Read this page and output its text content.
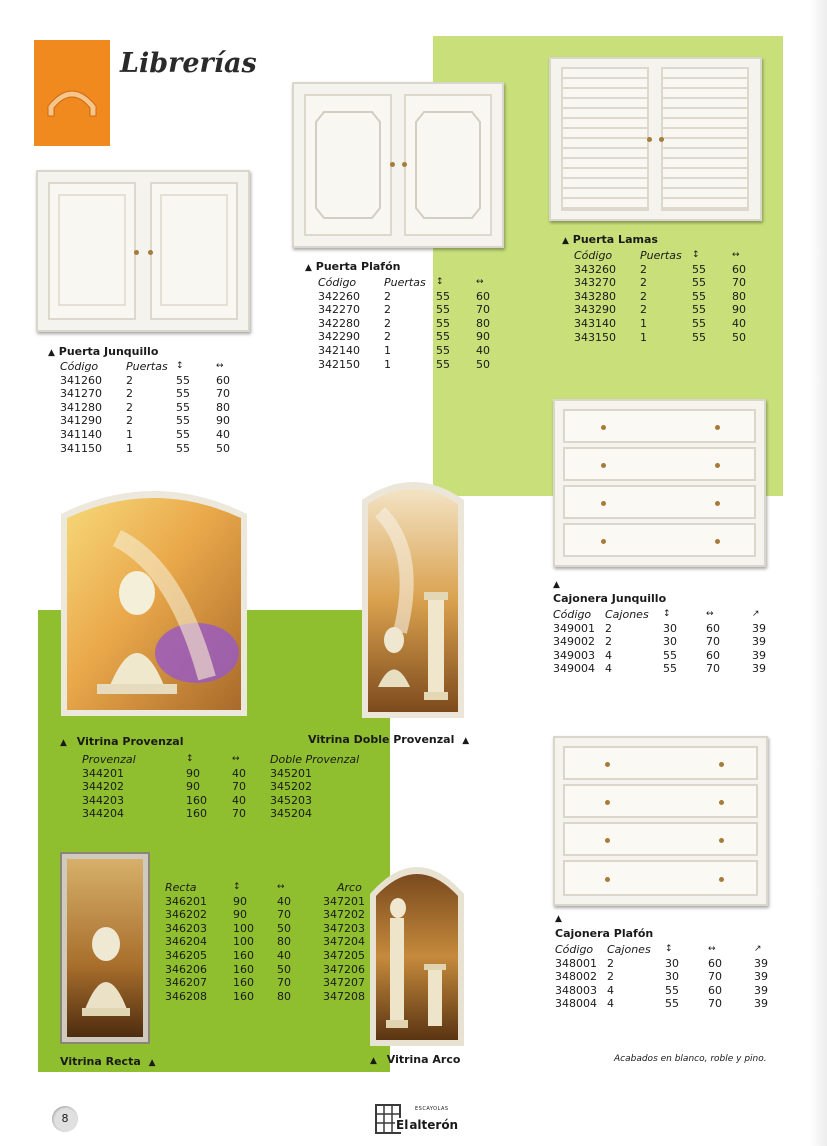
Librerías
▲ Puerta Junquillo
Código	Puertas ↕	↔
341260	2	55	60
341270	2	55	70
341280	2	55	80
341290	2	55	90
341140	1	55	40
341150	1	55	50
▲ Puerta Plafón
Código	Puertas	↕	↔
342260	2	55	60
342270	2	55	70
342280	2	55	80
342290	2	55	90
342140	1	55	40
342150	1	55	50
▲ Puerta Lamas
Código	Puertas	↕	↔
343260	2	55	60
343270	2	55	70
343280	2	55	80
343290	2	55	90
343140	1	55	40
343150	1	55	50
▲
Cajonera Junquillo
Código	Cajones	↕	↔	↗
349001 2	30	60	39
349002 2	30	70	39
349003 4	55	60	39
349004 4	55	70	39
▲
Cajonera Plafón
Código	Cajones	↕	↔	↗
348001 2	30	60	39
348002 2	30	70	39
348003 4	55	60	39
348004 4	55	70	39
▲ Vitrina Provenzal	Vitrina Doble Provenzal ▲
Provenzal	↕	↔	Doble Provenzal
344201	90	40	345201
344202	90	70	345202
344203	160	40	345203
344204	160	70	345204
Recta	↕	↔	Arco
346201	90	40	347201
346202	90	70	347202
346203	100	50	347203
346204	100	80	347204
346205	160	40	347205
346206	160	50	347206
346207	160	70	347207
346208	160	80	347208
Vitrina Recta ▲	▲ Vitrina Arco	Acabados en blanco, roble y pino.
8
ESCAYOLAS
Elalterón
